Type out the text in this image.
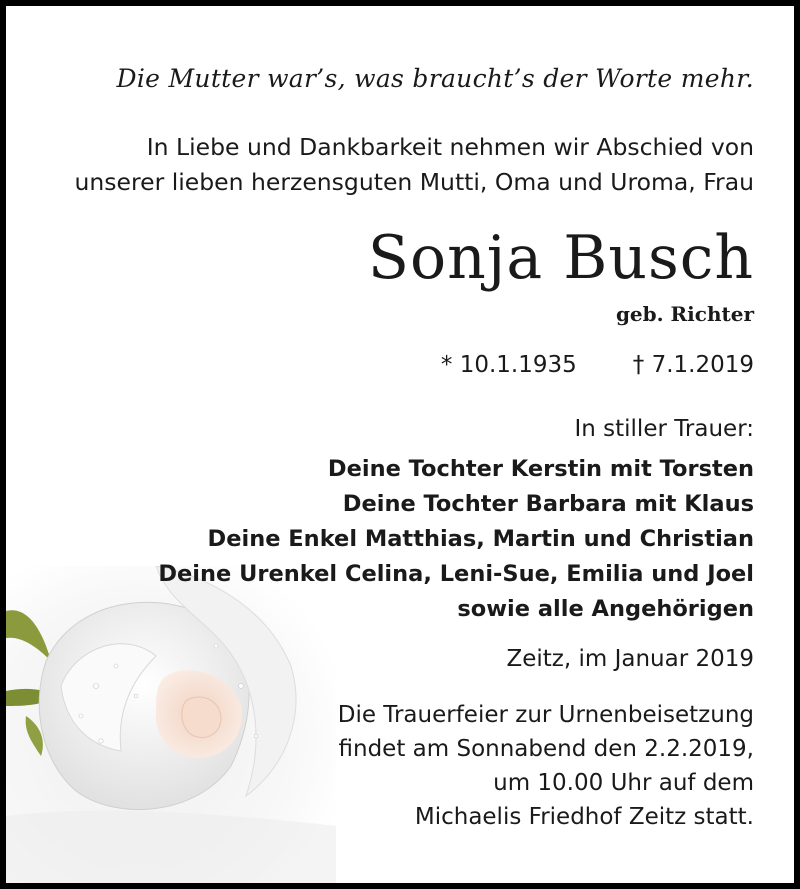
Die Mutter war’s, was braucht’s der Worte mehr.
In Liebe und Dankbarkeit nehmen wir Abschied von
unserer lieben herzensguten Mutti, Oma und Uroma, Frau
Sonja Busch
geb. Richter
* 10.1.1935 † 7.1.2019
In stiller Trauer:
Deine Tochter Kerstin mit Torsten
Deine Tochter Barbara mit Klaus
Deine Enkel Matthias, Martin und Christian
Deine Urenkel Celina, Leni-Sue, Emilia und Joel
sowie alle Angehörigen
Zeitz, im Januar 2019
Die Trauerfeier zur Urnenbeisetzung
findet am Sonnabend den 2.2.2019,
um 10.00 Uhr auf dem
Michaelis Friedhof Zeitz statt.
